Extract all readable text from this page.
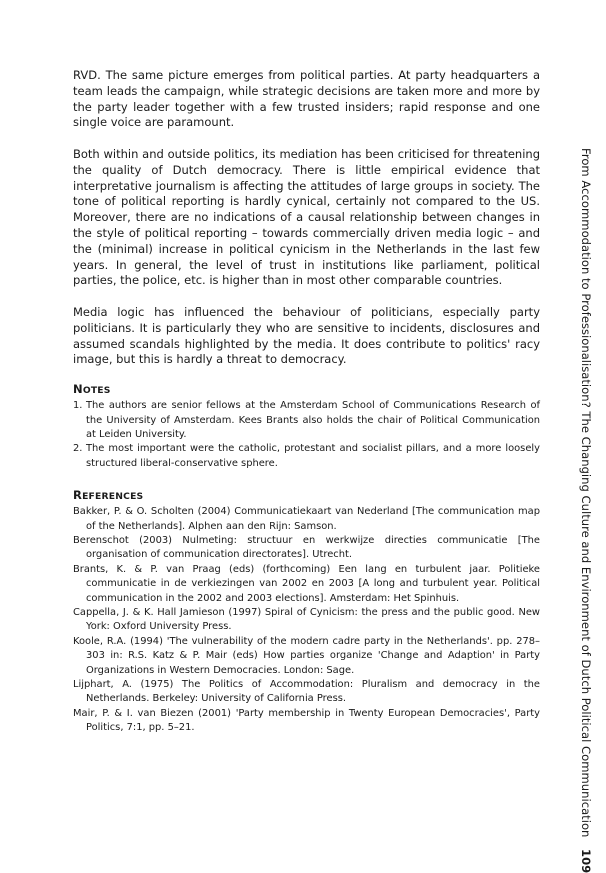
RVD. The same picture emerges from political parties. At party headquarters a team leads the campaign, while strategic decisions are taken more and more by the party leader together with a few trusted insiders; rapid response and one single voice are paramount.

Both within and outside politics, its mediation has been criticised for threatening the quality of Dutch democracy. There is little empirical evidence that interpretative journalism is affecting the attitudes of large groups in society. The tone of political reporting is hardly cynical, certainly not compared to the US. Moreover, there are no indications of a causal relationship between changes in the style of political reporting – towards commercially driven media logic – and the (minimal) increase in political cynicism in the Netherlands in the last few years. In general, the level of trust in institutions like parliament, political parties, the police, etc. is higher than in most other comparable countries.

Media logic has influenced the behaviour of politicians, especially party politicians. It is particularly they who are sensitive to incidents, disclosures and assumed scandals highlighted by the media. It does contribute to politics' racy image, but this is hardly a threat to democracy.

NOTES
1. The authors are senior fellows at the Amsterdam School of Communications Research of the University of Amsterdam. Kees Brants also holds the chair of Political Communication at Leiden University.
2. The most important were the catholic, protestant and socialist pillars, and a more loosely structured liberal-conservative sphere.
REFERENCES
Bakker, P. & O. Scholten (2004) Communicatiekaart van Nederland [The communication map of the Netherlands]. Alphen aan den Rijn: Samson.
Berenschot (2003) Nulmeting: structuur en werkwijze directies communicatie [The organisation of communication directorates]. Utrecht.
Brants, K. & P. van Praag (eds) (forthcoming) Een lang en turbulent jaar. Politieke communicatie in de verkiezingen van 2002 en 2003 [A long and turbulent year. Political communication in the 2002 and 2003 elections]. Amsterdam: Het Spinhuis.
Cappella, J. & K. Hall Jamieson (1997) Spiral of Cynicism: the press and the public good. New York: Oxford University Press.
Koole, R.A. (1994) 'The vulnerability of the modern cadre party in the Netherlands'. pp. 278–303 in: R.S. Katz & P. Mair (eds) How parties organize 'Change and Adaption' in Party Organizations in Western Democracies. London: Sage.
Lijphart, A. (1975) The Politics of Accommodation: Pluralism and democracy in the Netherlands. Berkeley: University of California Press.
Mair, P. & I. van Biezen (2001) 'Party membership in Twenty European Democracies', Party Politics, 7:1, pp. 5–21.	From Accommodation to Professionalisation? The Changing Culture and Environment of Dutch Political Communication 109
